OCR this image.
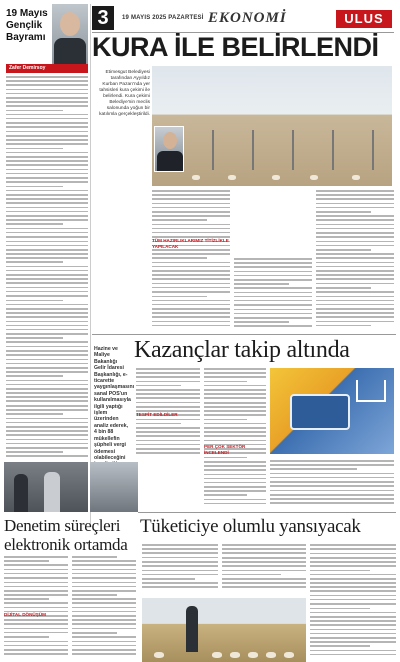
19 Mayıs Gençlik Bayramı
Zafer Demirsoy
3	19 MAYIS 2025 PAZARTESİ EKONOMİ	ULUS
KURA İLE BELİRLENDİ
Etimesgut Belediyesi tarafından Ayyıldız Kurban Pazarı'nda yer tahsisleri kura çekimi ile belirlendi. Kura çekimi Belediye'nin meclis salonunda yoğun bir katılımla gerçekleştirildi.
TÜM HAZIRLIKLARIMIZ TİTİZLİKLE YAPILACAK
Hazine ve Maliye Bakanlığı Gelir İdaresi Başkanlığı, e-ticarette yaygınlaşmasını sanal POS'un kullanılmasıyla ilgili yaptığı işlem üzerinden analiz ederek, 4 bin 88 mükellefin şüpheli vergi ödemesi olabileceğini
Kazançlar takip altında
TESPİT EDİLDİLER
PER ÇOK SEKTÖR İNCELENDİ
Denetim süreçleri elektronik ortamda
DİJİTAL DÖNÜŞÜM
Tüketiciye olumlu yansıyacak
